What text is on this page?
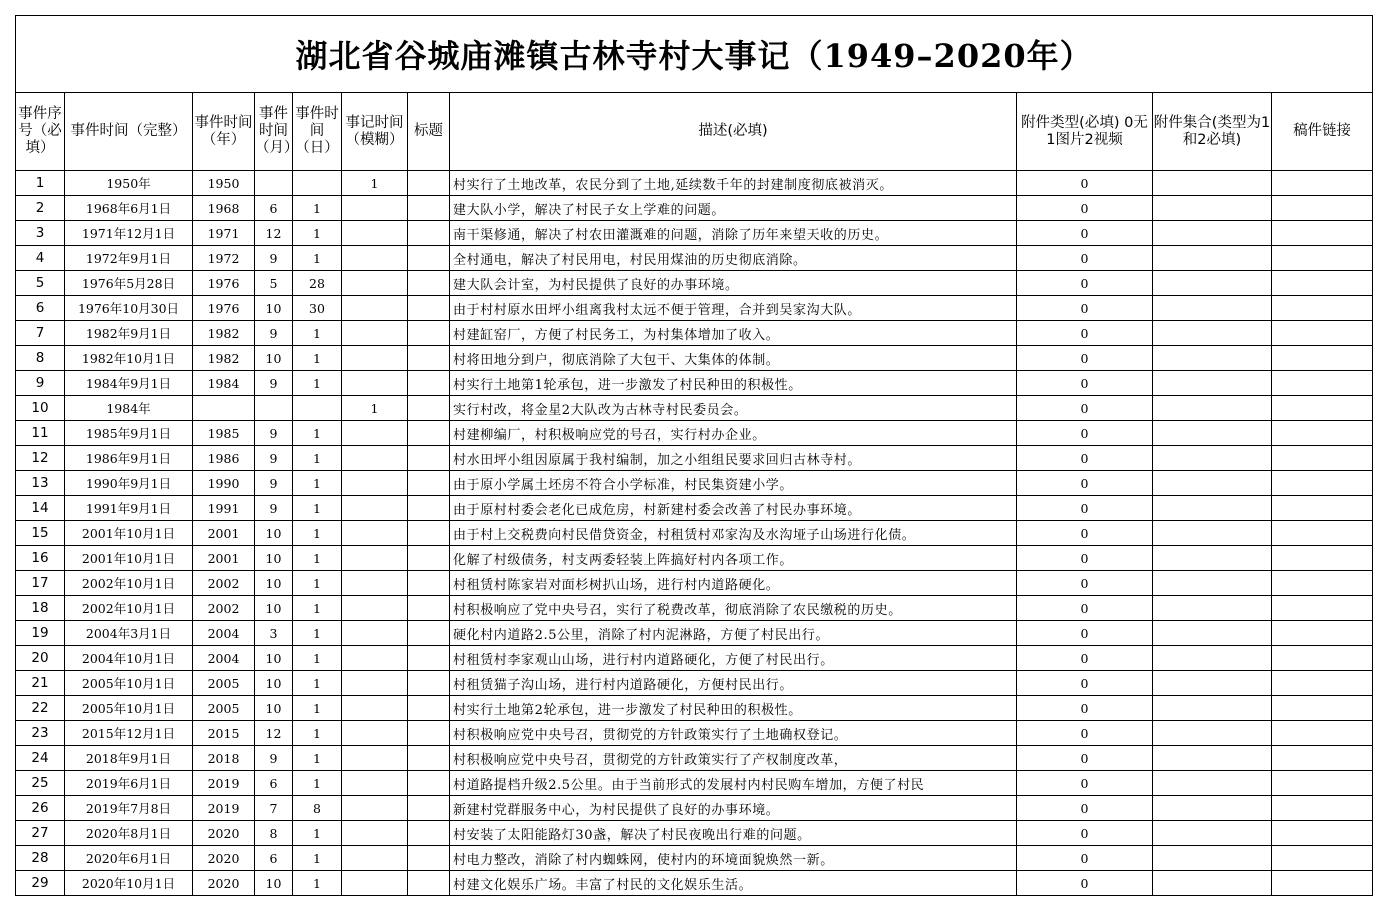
湖北省谷城庙滩镇古林寺村大事记（1949–2020年）										
事件序号（必填）	事件时间（完整）	事件时间（年）	事件时间（月）	事件时间（日）	事记时间（模糊）	标题	描述(必填)	附件类型(必填) 0无1图片2视频	附件集合(类型为1和2必填)	稿件链接
1	1950年	1950			1		村实行了土地改革，农民分到了土地,延续数千年的封建制度彻底被消灭。	0		
2	1968年6月1日	1968	6	1			建大队小学，解决了村民子女上学难的问题。	0		
3	1971年12月1日	1971	12	1			南干渠修通，解决了村农田灌溉难的问题，消除了历年来望天收的历史。	0		
4	1972年9月1日	1972	9	1			全村通电，解决了村民用电，村民用煤油的历史彻底消除。	0		
5	1976年5月28日	1976	5	28			建大队会计室，为村民提供了良好的办事环境。	0		
6	1976年10月30日	1976	10	30			由于村村原水田坪小组离我村太远不便于管理，合并到吴家沟大队。	0		
7	1982年9月1日	1982	9	1			村建缸窑厂，方便了村民务工，为村集体增加了收入。	0		
8	1982年10月1日	1982	10	1			村将田地分到户，彻底消除了大包干、大集体的体制。	0		
9	1984年9月1日	1984	9	1			村实行土地第1轮承包，进一步激发了村民种田的积极性。	0		
10	1984年				1		实行村改，将金星2大队改为古林寺村民委员会。	0		
11	1985年9月1日	1985	9	1			村建柳编厂，村积极响应党的号召，实行村办企业。	0		
12	1986年9月1日	1986	9	1			村水田坪小组因原属于我村编制，加之小组组民要求回归古林寺村。	0		
13	1990年9月1日	1990	9	1			由于原小学属土坯房不符合小学标准，村民集资建小学。	0		
14	1991年9月1日	1991	9	1			由于原村村委会老化已成危房，村新建村委会改善了村民办事环境。	0		
15	2001年10月1日	2001	10	1			由于村上交税费向村民借贷资金，村租赁村邓家沟及水沟垭子山场进行化债。	0		
16	2001年10月1日	2001	10	1			化解了村级债务，村支两委轻装上阵搞好村内各项工作。	0		
17	2002年10月1日	2002	10	1			村租赁村陈家岩对面杉树扒山场，进行村内道路硬化。	0		
18	2002年10月1日	2002	10	1			村积极响应了党中央号召，实行了税费改革，彻底消除了农民缴税的历史。	0		
19	2004年3月1日	2004	3	1			硬化村内道路2.5公里，消除了村内泥淋路，方便了村民出行。	0		
20	2004年10月1日	2004	10	1			村租赁村李家观山山场，进行村内道路硬化，方便了村民出行。	0		
21	2005年10月1日	2005	10	1			村租赁猫子沟山场，进行村内道路硬化，方便村民出行。	0		
22	2005年10月1日	2005	10	1			村实行土地第2轮承包，进一步激发了村民种田的积极性。	0		
23	2015年12月1日	2015	12	1			村积极响应党中央号召，贯彻党的方针政策实行了土地确权登记。	0		
24	2018年9月1日	2018	9	1			村积极响应党中央号召，贯彻党的方针政策实行了产权制度改革，	0		
25	2019年6月1日	2019	6	1			村道路提档升级2.5公里。由于当前形式的发展村内村民购车增加，方便了村民	0		
26	2019年7月8日	2019	7	8			新建村党群服务中心，为村民提供了良好的办事环境。	0		
27	2020年8月1日	2020	8	1			村安装了太阳能路灯30盏，解决了村民夜晚出行难的问题。	0		
28	2020年6月1日	2020	6	1			村电力整改，消除了村内蜘蛛网，使村内的环境面貌焕然一新。	0		
29	2020年10月1日	2020	10	1			村建文化娱乐广场。丰富了村民的文化娱乐生活。	0		
